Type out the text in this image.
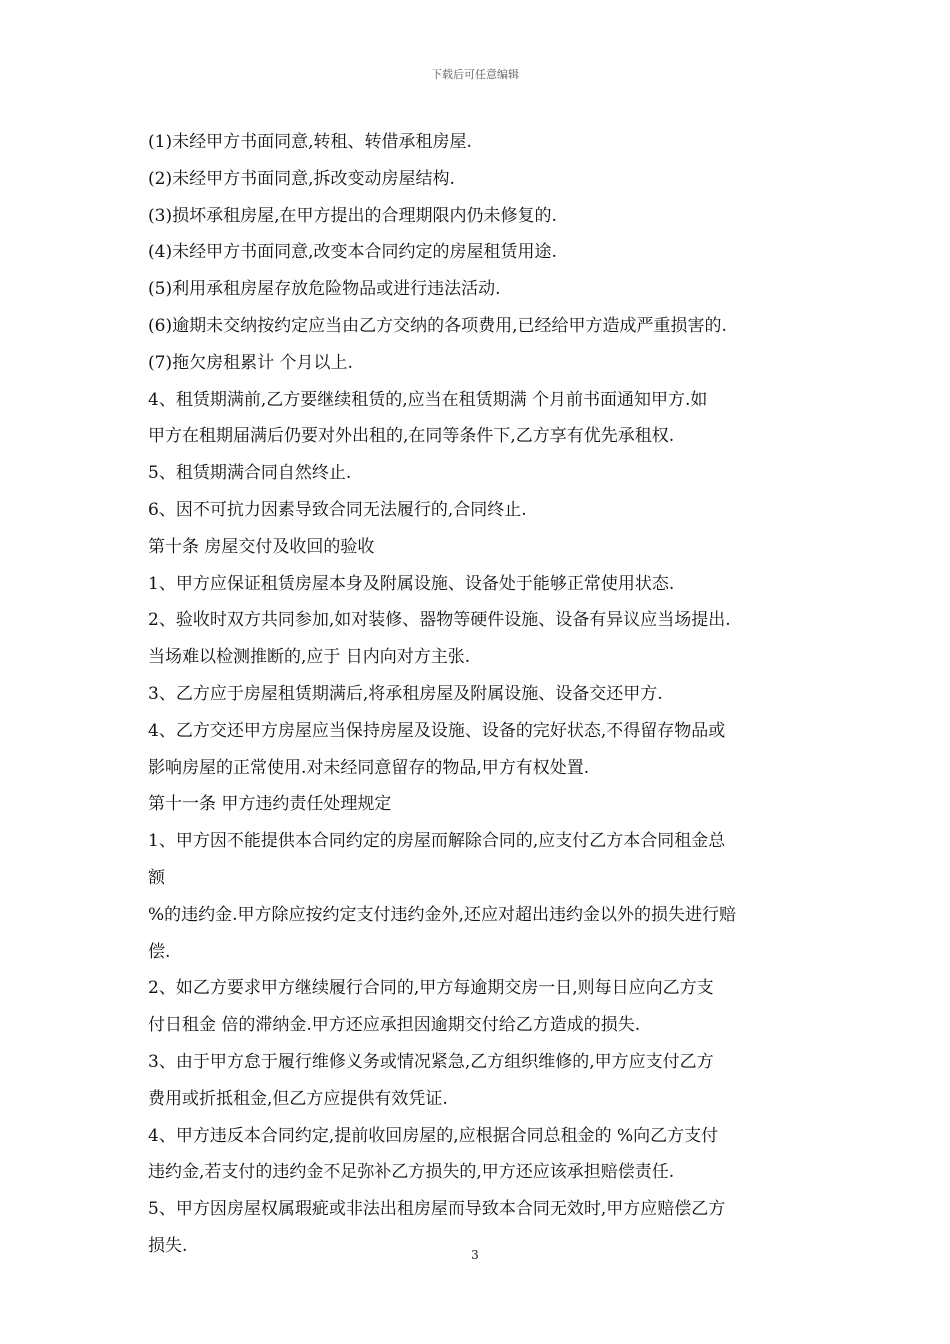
下载后可任意编辑
(1)未经甲方书面同意,转租、转借承租房屋.
(2)未经甲方书面同意,拆改变动房屋结构.
(3)损坏承租房屋,在甲方提出的合理期限内仍未修复的.
(4)未经甲方书面同意,改变本合同约定的房屋租赁用途.
(5)利用承租房屋存放危险物品或进行违法活动.
(6)逾期未交纳按约定应当由乙方交纳的各项费用,已经给甲方造成严重损害的.
(7)拖欠房租累计 个月以上.
4、租赁期满前,乙方要继续租赁的,应当在租赁期满 个月前书面通知甲方.如
甲方在租期届满后仍要对外出租的,在同等条件下,乙方享有优先承租权.
5、租赁期满合同自然终止.
6、因不可抗力因素导致合同无法履行的,合同终止.
第十条 房屋交付及收回的验收
1、甲方应保证租赁房屋本身及附属设施、设备处于能够正常使用状态.
2、验收时双方共同参加,如对装修、器物等硬件设施、设备有异议应当场提出.
当场难以检测推断的,应于 日内向对方主张.
3、乙方应于房屋租赁期满后,将承租房屋及附属设施、设备交还甲方.
4、乙方交还甲方房屋应当保持房屋及设施、设备的完好状态,不得留存物品或
影响房屋的正常使用.对未经同意留存的物品,甲方有权处置.
第十一条 甲方违约责任处理规定
1、甲方因不能提供本合同约定的房屋而解除合同的,应支付乙方本合同租金总
额
%的违约金.甲方除应按约定支付违约金外,还应对超出违约金以外的损失进行赔
偿.
2、如乙方要求甲方继续履行合同的,甲方每逾期交房一日,则每日应向乙方支
付日租金 倍的滞纳金.甲方还应承担因逾期交付给乙方造成的损失.
3、由于甲方怠于履行维修义务或情况紧急,乙方组织维修的,甲方应支付乙方
费用或折抵租金,但乙方应提供有效凭证.
4、甲方违反本合同约定,提前收回房屋的,应根据合同总租金的 %向乙方支付
违约金,若支付的违约金不足弥补乙方损失的,甲方还应该承担赔偿责任.
5、甲方因房屋权属瑕疵或非法出租房屋而导致本合同无效时,甲方应赔偿乙方
损失.	3
